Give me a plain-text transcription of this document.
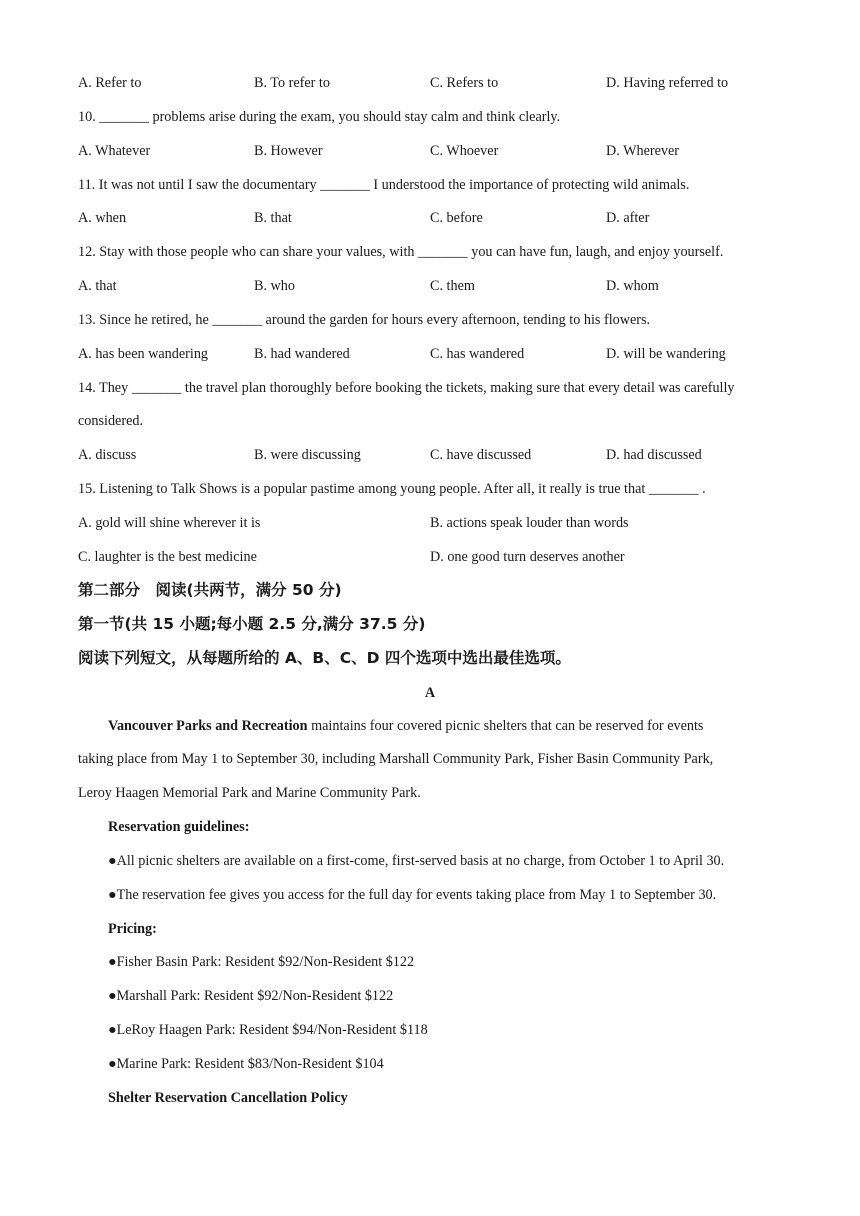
A. Refer to	B. To refer to	C. Refers to	D. Having referred to
10. _______ problems arise during the exam, you should stay calm and think clearly.
A. Whatever	B. However	C. Whoever	D. Wherever
11. It was not until I saw the documentary _______ I understood the importance of protecting wild animals.
A. when	B. that	C. before	D. after
12. Stay with those people who can share your values, with _______ you can have fun, laugh, and enjoy yourself.
A. that	B. who	C. them	D. whom
13. Since he retired, he _______ around the garden for hours every afternoon, tending to his flowers.
A. has been wandering	B. had wandered	C. has wandered	D. will be wandering
14. They _______ the travel plan thoroughly before booking the tickets, making sure that every detail was carefully
considered.
A. discuss	B. were discussing	C. have discussed	D. had discussed
15. Listening to Talk Shows is a popular pastime among young people. After all, it really is true that _______ .
A. gold will shine wherever it is	B. actions speak louder than words
C. laughter is the best medicine	D. one good turn deserves another
第二部分　阅读(共两节，满分 50 分)
第一节(共 15 小题;每小题 2.5 分,满分 37.5 分)
阅读下列短文，从每题所给的 A、B、C、D 四个选项中选出最佳选项。
A
Vancouver Parks and Recreation maintains four covered picnic shelters that can be reserved for events
taking place from May 1 to September 30, including Marshall Community Park, Fisher Basin Community Park,
Leroy Haagen Memorial Park and Marine Community Park.
Reservation guidelines:
●All picnic shelters are available on a first-come, first-served basis at no charge, from October 1 to April 30.
●The reservation fee gives you access for the full day for events taking place from May 1 to September 30.
Pricing:
●Fisher Basin Park: Resident $92/Non-Resident $122
●Marshall Park: Resident $92/Non-Resident $122
●LeRoy Haagen Park: Resident $94/Non-Resident $118
●Marine Park: Resident $83/Non-Resident $104
Shelter Reservation Cancellation Policy
